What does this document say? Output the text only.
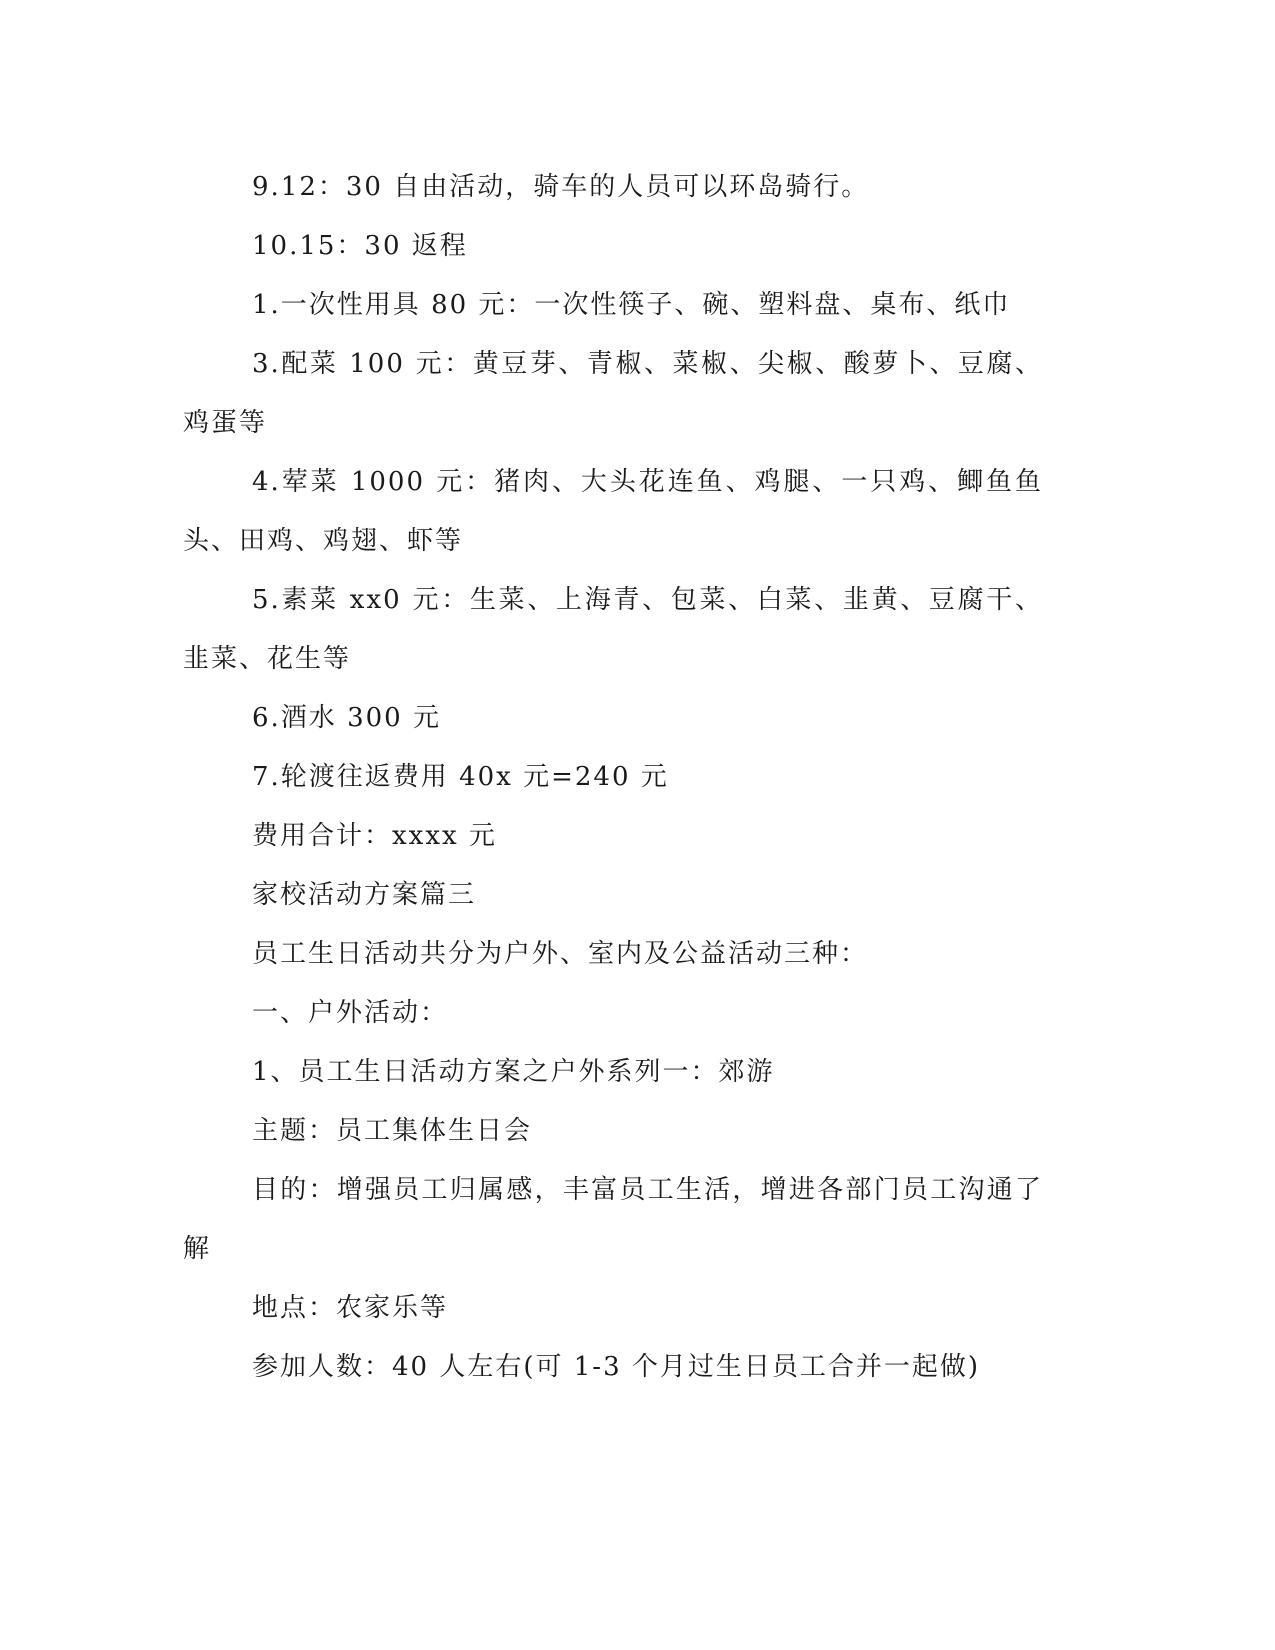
9.12：30 自由活动，骑车的人员可以环岛骑行。

10.15：30 返程

1.一次性用具 80 元：一次性筷子、碗、塑料盘、桌布、纸巾

3.配菜 100 元：黄豆芽、青椒、菜椒、尖椒、酸萝卜、豆腐、鸡蛋等

4.荤菜 1000 元：猪肉、大头花连鱼、鸡腿、一只鸡、鲫鱼鱼头、田鸡、鸡翅、虾等

5.素菜 xx0 元：生菜、上海青、包菜、白菜、韭黄、豆腐干、韭菜、花生等

6.酒水 300 元

7.轮渡往返费用 40x 元=240 元

费用合计：xxxx 元

家校活动方案篇三

员工生日活动共分为户外、室内及公益活动三种：

一、户外活动：

1、员工生日活动方案之户外系列一：郊游

主题：员工集体生日会

目的：增强员工归属感，丰富员工生活，增进各部门员工沟通了解

地点：农家乐等

参加人数：40 人左右(可 1-3 个月过生日员工合并一起做)
